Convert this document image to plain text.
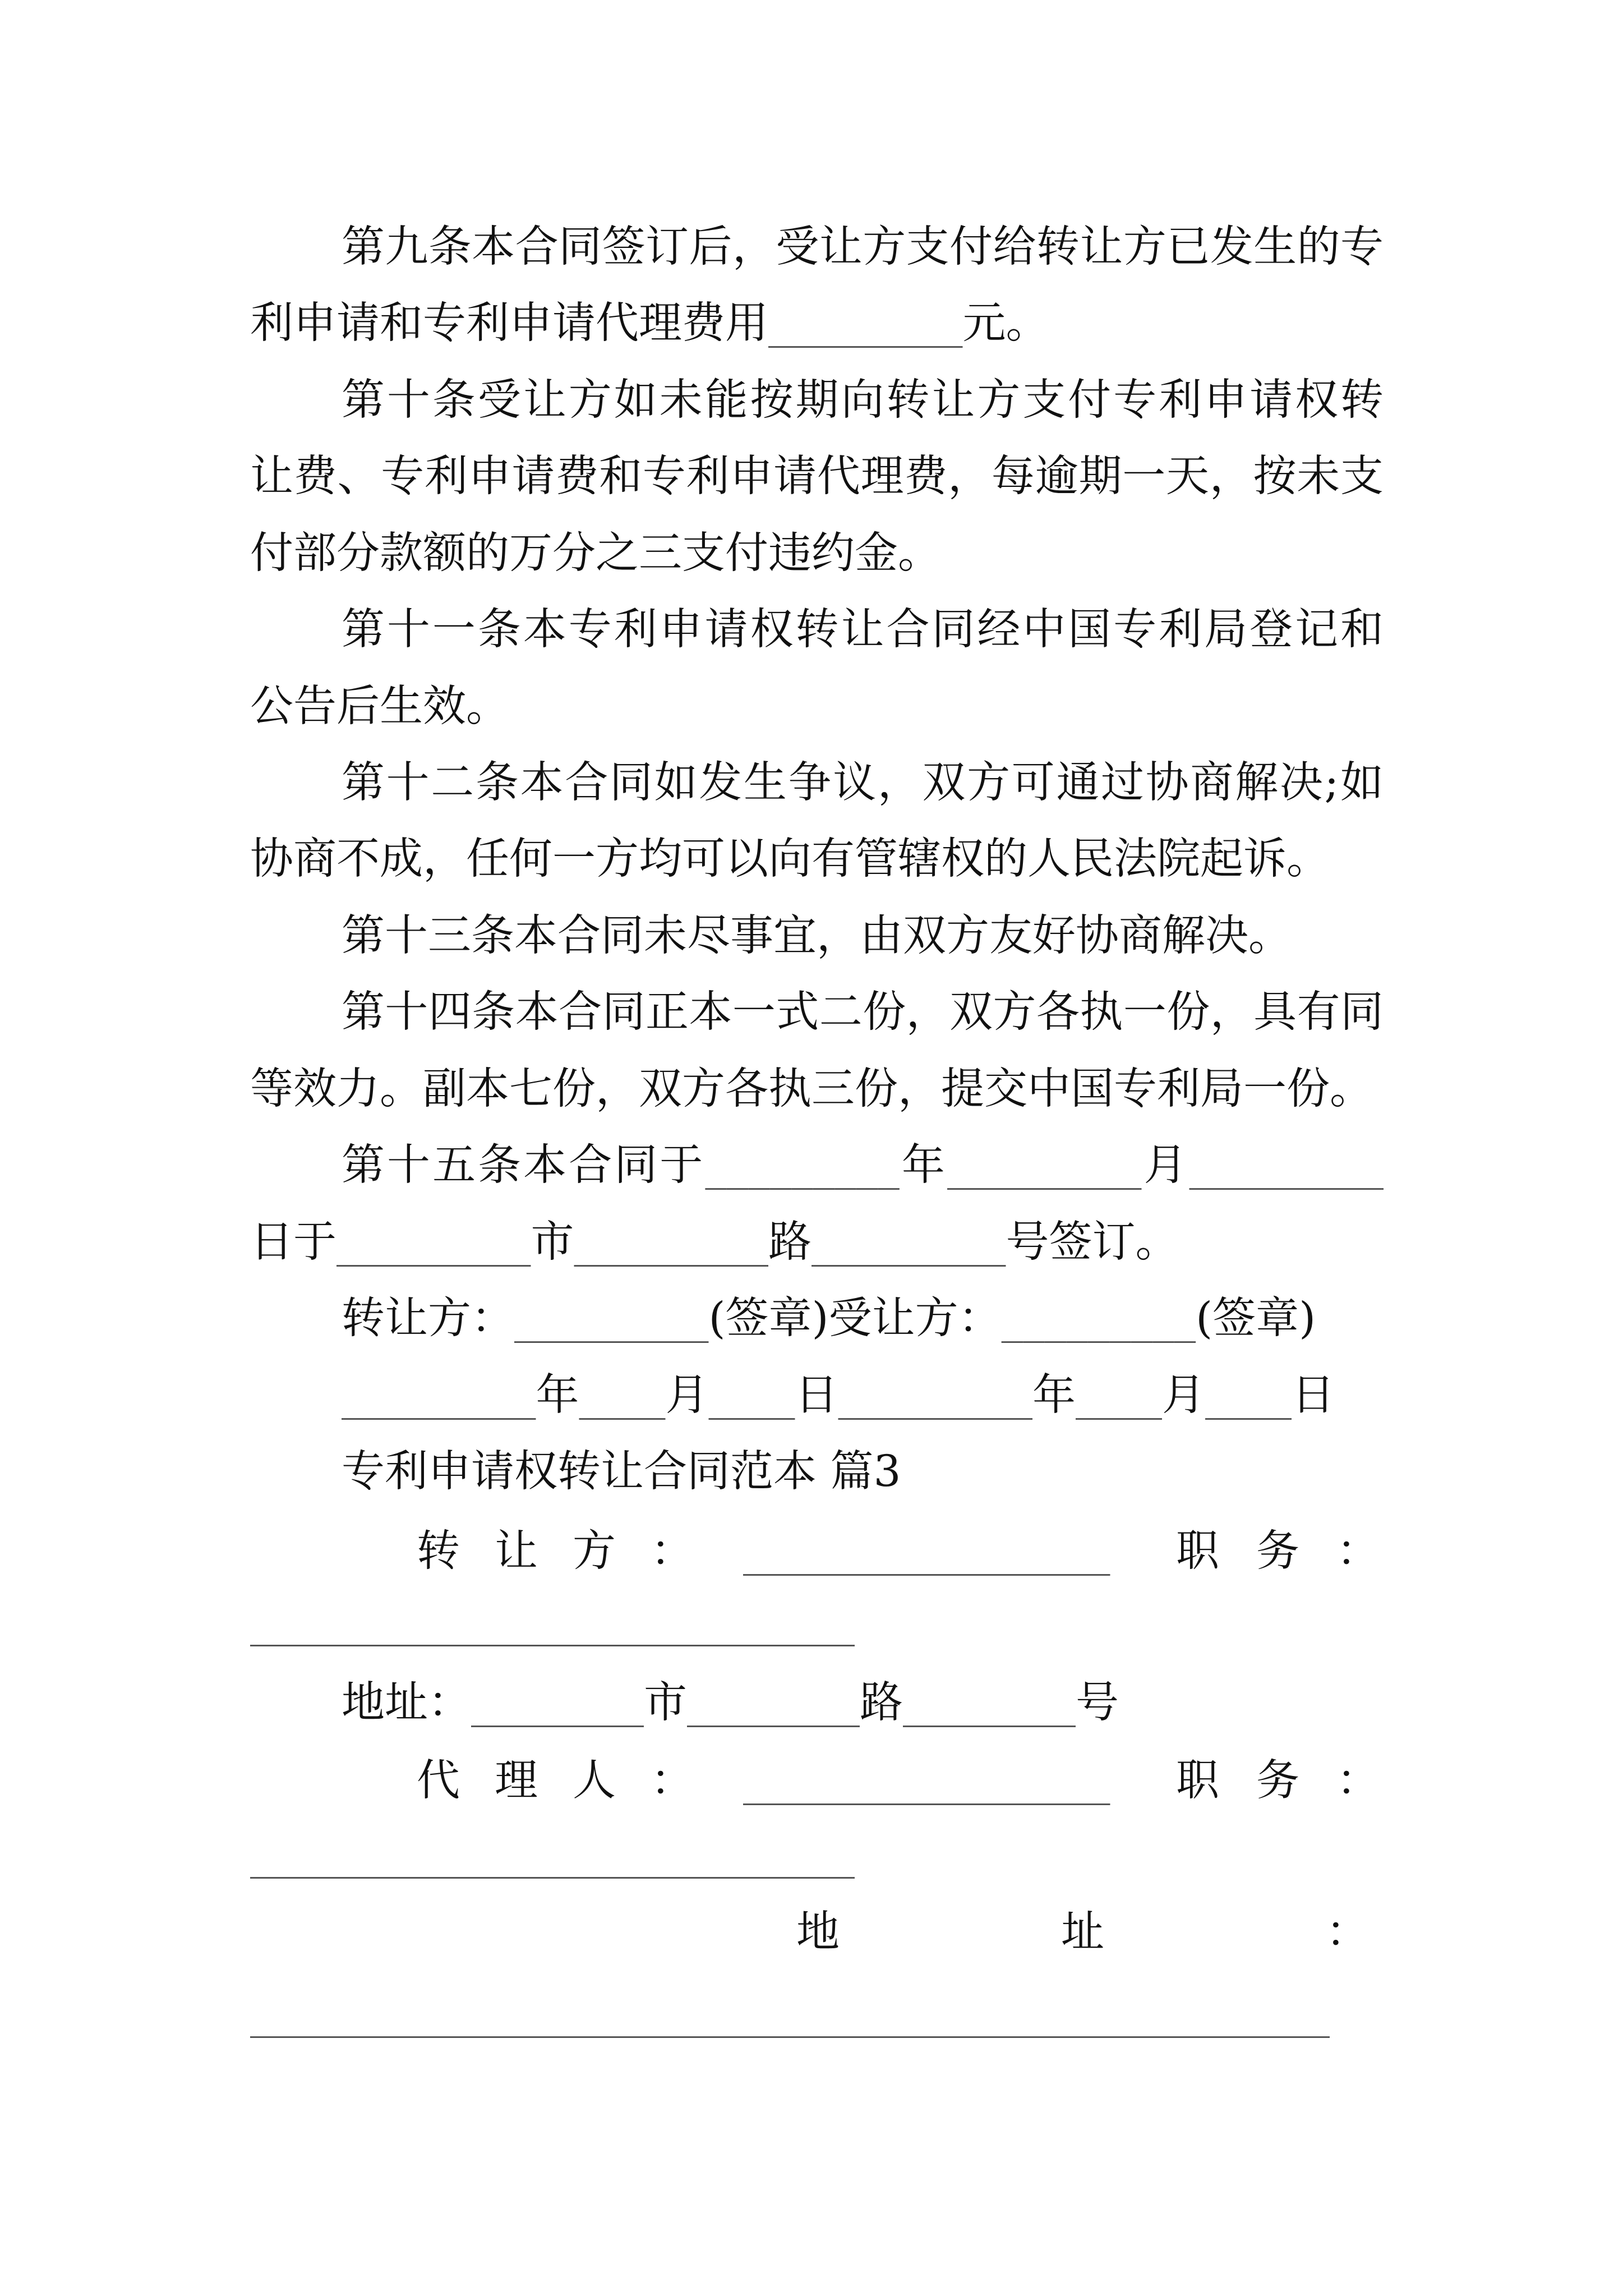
第九条本合同签订后，受让方支付给转让方已发生的专
利申请和专利申请代理费用_________元。
第十条受让方如未能按期向转让方支付专利申请权转
让费、专利申请费和专利申请代理费，每逾期一天，按未支
付部分款额的万分之三支付违约金。
第十一条本专利申请权转让合同经中国专利局登记和
公告后生效。
第十二条本合同如发生争议，双方可通过协商解决;如
协商不成，任何一方均可以向有管辖权的人民法院起诉。
第十三条本合同未尽事宜，由双方友好协商解决。
第十四条本合同正本一式二份，双方各执一份，具有同
等效力。副本七份，双方各执三份，提交中国专利局一份。
第十五条本合同于_________年_________月_________
日于_________市_________路_________号签订。
转让方：_________(签章)受让方：_________(签章)
_________年____月____日_________年____月____日
专利申请权转让合同范本 篇3
转让方： _________________ 职务：
____________________________
地址：________市________路________号
代理人： _________________ 职务：
____________________________
地址：
__________________________________________________
